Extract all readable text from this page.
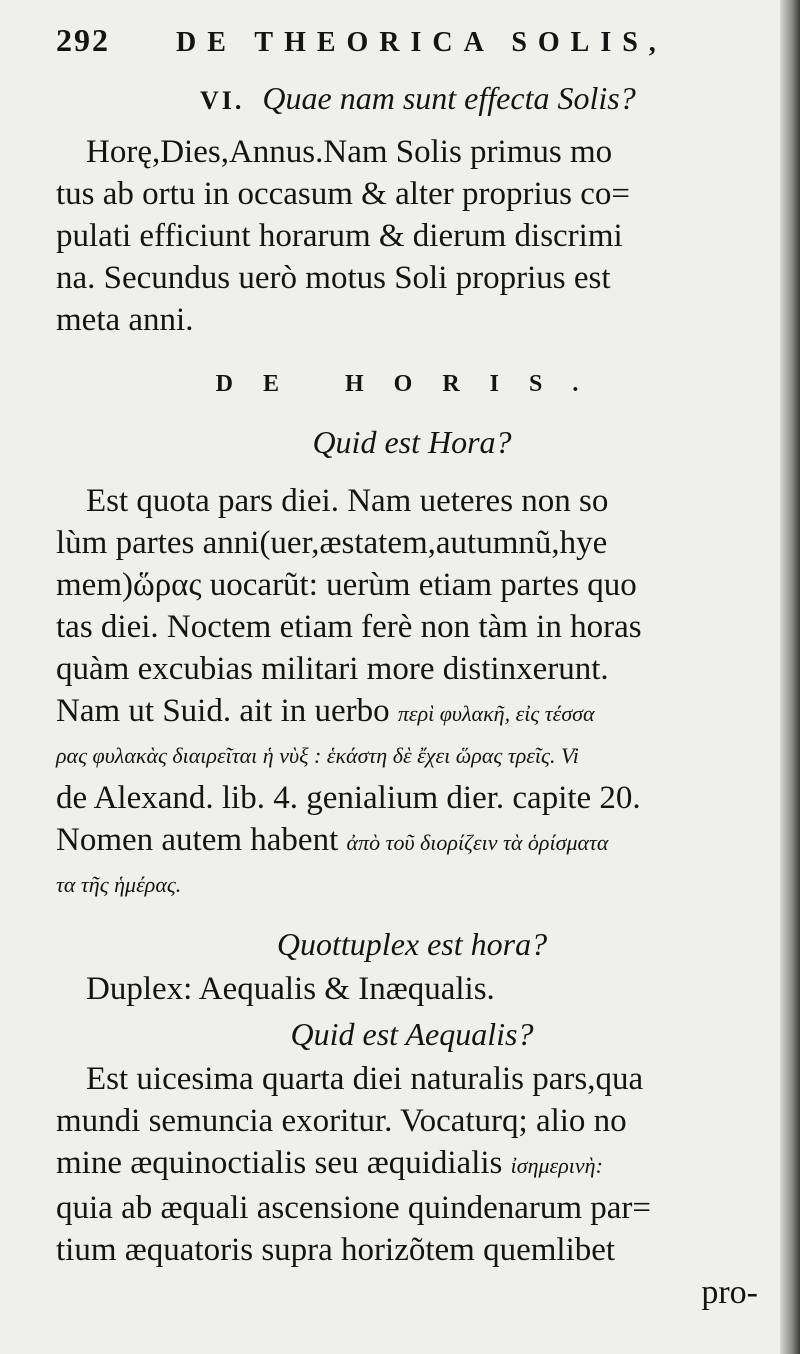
292 DE THEORICA SOLIS,
VI. Quae nam sunt effecta Solis?
Horę,Dies,Annus.Nam Solis primus mo
tus ab ortu in occasum & alter proprius co=
pulati efficiunt horarum & dierum discrimi
na. Secundus uerò motus Soli proprius est
meta anni.
DE HORIS.
Quid est Hora?
Est quota pars diei. Nam ueteres non so
lùm partes anni(uer,æstatem,autumnũ,hye
mem)ὥρας uocarũt: uerùm etiam partes quo
tas diei. Noctem etiam ferè non tàm in horas
quàm excubias militari more distinxerunt.
Nam ut Suid. ait in uerbo περὶ φυλακῆ, εἰς τέσσα
ρας φυλακὰς διαιρεῖται ἡ νὺξ : ἑκάστη δὲ ἔχει ὥρας τρεῖς. Vi
de Alexand. lib. 4. genialium dier. capite 20.
Nomen autem habent ἀπὸ τοῦ διορίζειν τὰ ὁρίσματα
τα τῆς ἡμέρας.
Quottuplex est hora?
Duplex: Aequalis & Inæqualis.
Quid est Aequalis?
Est uicesima quarta diei naturalis pars,qua
mundi semuncia exoritur. Vocaturq; alio no
mine æquinoctialis seu æquidialis ἰσημερινὴ:
quia ab æquali ascensione quindenarum par=
tium æquatoris supra horizõtem quemlibet
pro-
